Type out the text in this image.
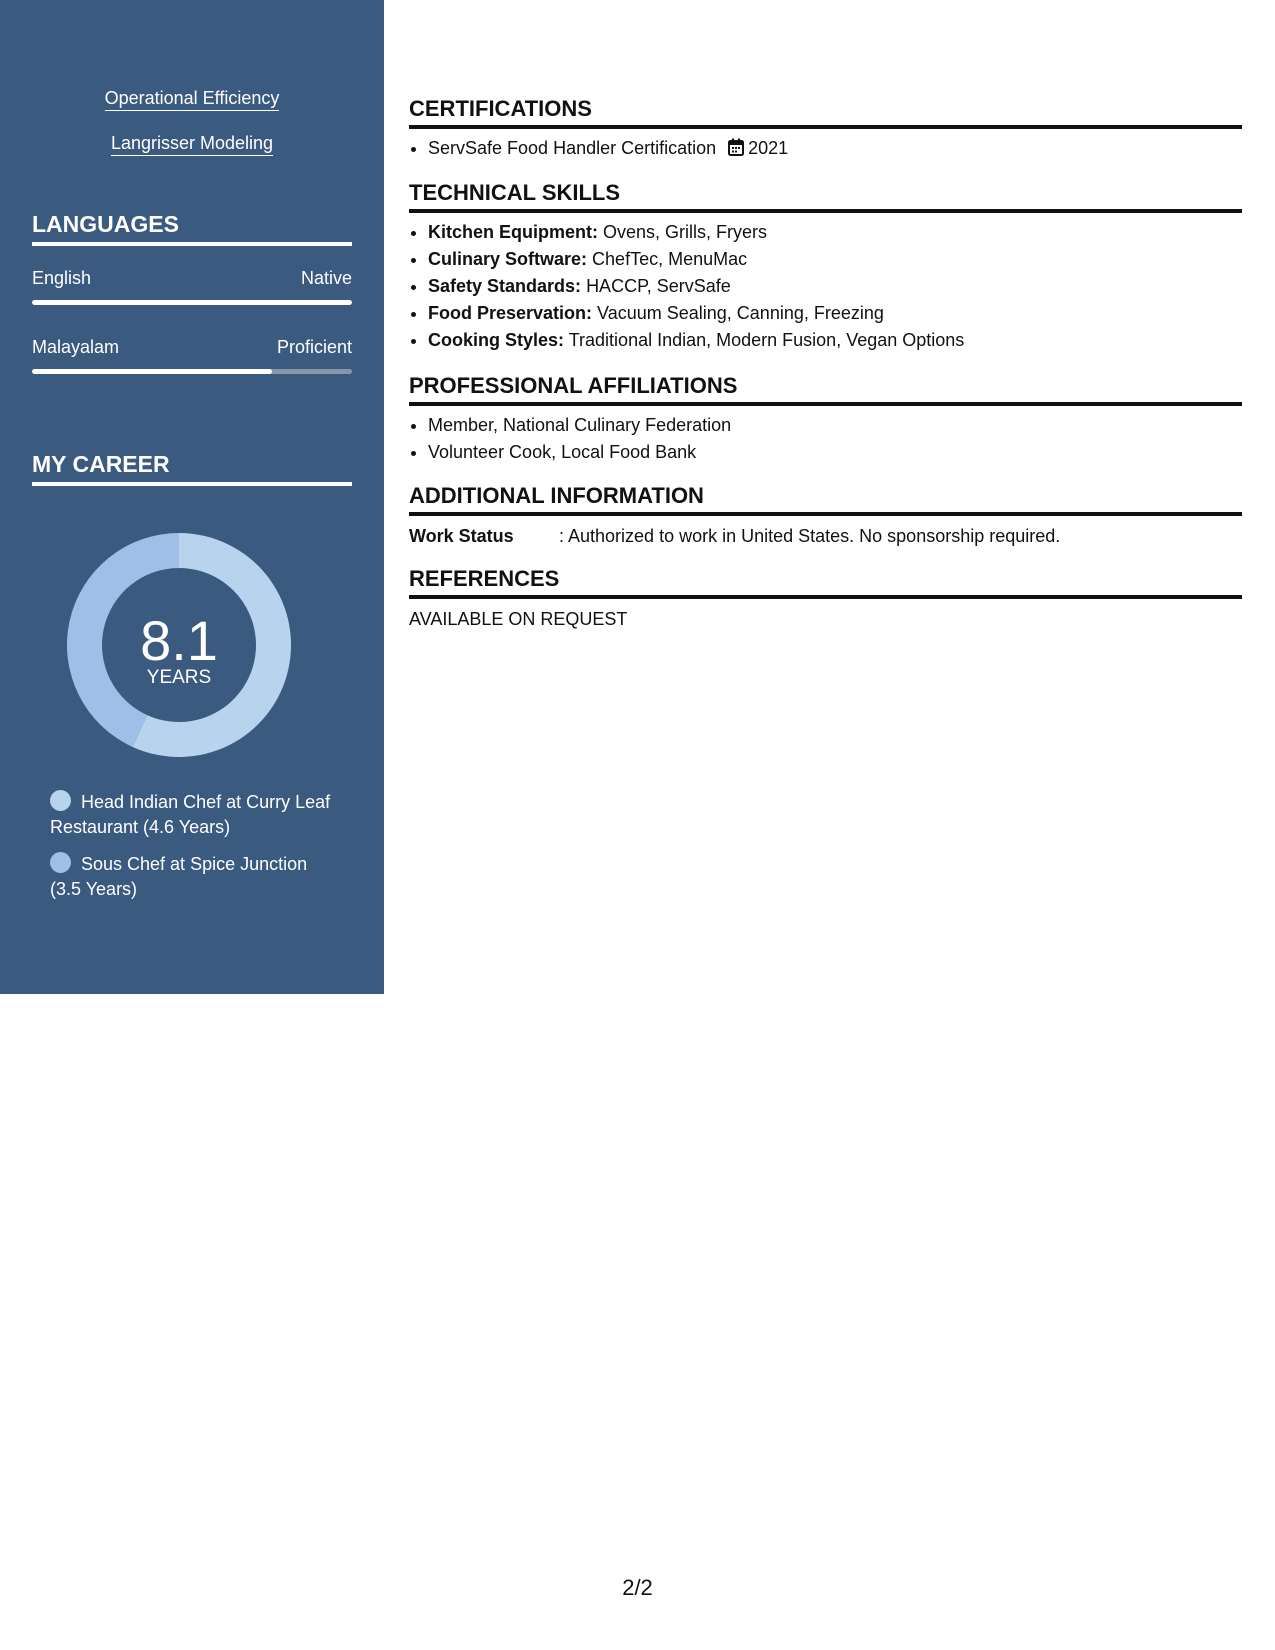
Operational Efficiency
Langrisser Modeling
LANGUAGES
English	Native
Malayalam	Proficient
MY CAREER
8.1
YEARS
Head Indian Chef at Curry Leaf Restaurant (4.6 Years)
Sous Chef at Spice Junction (3.5 Years)
CERTIFICATIONS
• ServSafe Food Handler Certification 2021
TECHNICAL SKILLS
• Kitchen Equipment: Ovens, Grills, Fryers
• Culinary Software: ChefTec, MenuMac
• Safety Standards: HACCP, ServSafe
• Food Preservation: Vacuum Sealing, Canning, Freezing
• Cooking Styles: Traditional Indian, Modern Fusion, Vegan Options
PROFESSIONAL AFFILIATIONS
• Member, National Culinary Federation
• Volunteer Cook, Local Food Bank
ADDITIONAL INFORMATION
Work Status	: Authorized to work in United States. No sponsorship required.
REFERENCES
AVAILABLE ON REQUEST
2/2
